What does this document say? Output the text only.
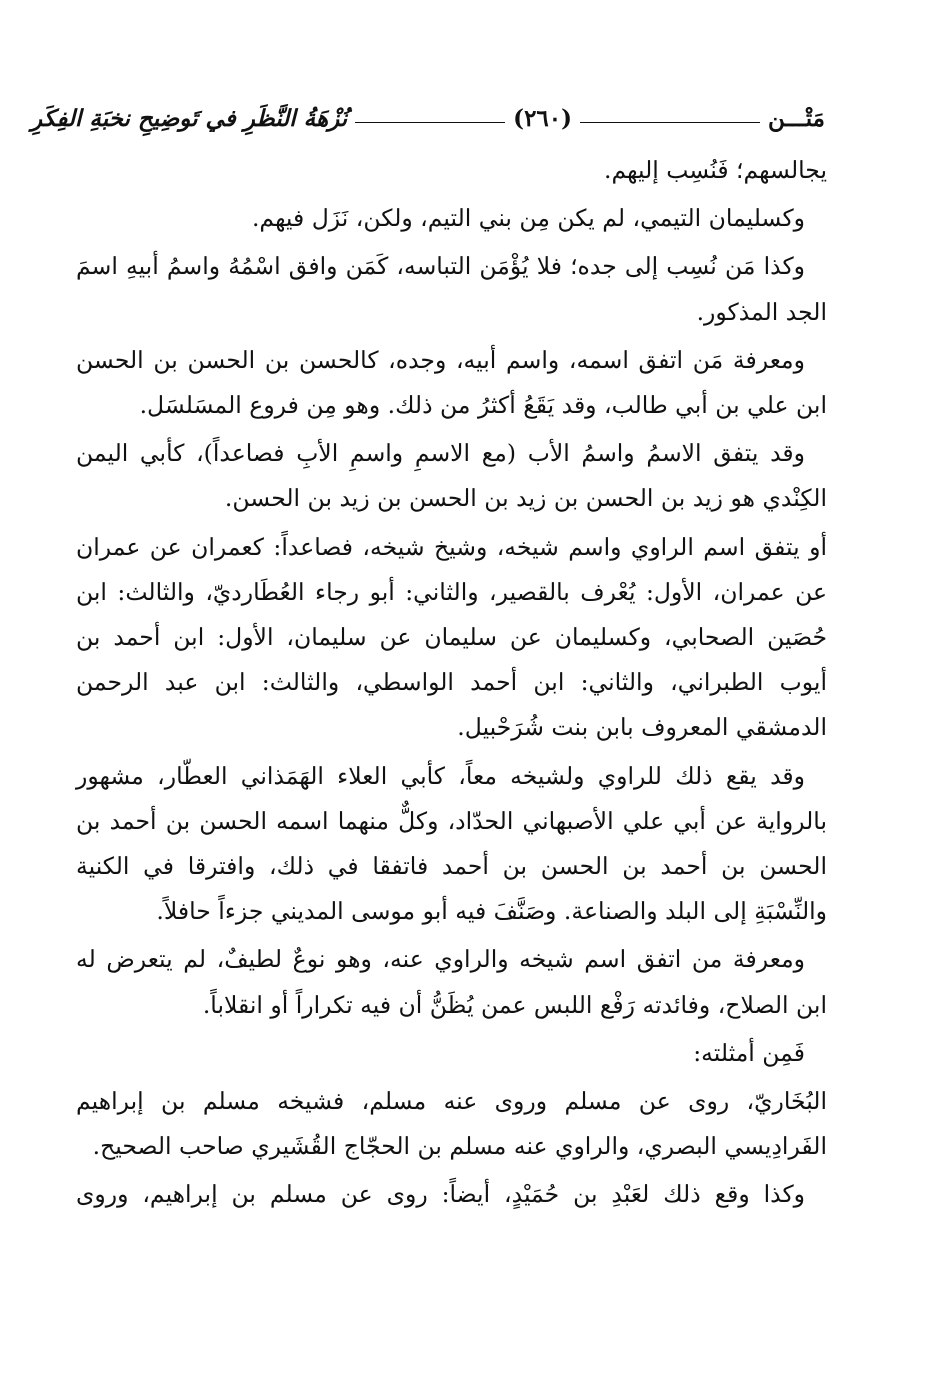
مَتْـــن
(٢٦٠)
نُزْهَةُ النَّظَرِ في تَوضِيحِ نخبَةِ الفِكَرِ

يجالسهم؛ فَنُسِب إليهم.

وكسليمان التيمي، لم يكن مِن بني التيم، ولكن، نَزَل فيهم.

وكذا مَن نُسِب إلى جده؛ فلا يُؤْمَن التباسه، كَمَن وافق اسْمُهُ واسمُ أبيهِ اسمَ الجد المذكور.

ومعرفة مَن اتفق اسمه، واسم أبيه، وجده، كالحسن بن الحسن بن الحسن ابن علي بن أبي طالب، وقد يَقَعُ أكثرُ من ذلك. وهو مِن فروع المسَلسَل.

وقد يتفق الاسمُ واسمُ الأب (مع الاسمِ واسمِ الأبِ فصاعداً)، كأبي اليمن الكِنْدي هو زيد بن الحسن بن زيد بن الحسن بن زيد بن الحسن.

أو يتفق اسم الراوي واسم شيخه، وشيخ شيخه، فصاعداً: كعمران عن عمران عن عمران، الأول: يُعْرف بالقصير، والثاني: أبو رجاء العُطَارديّ، والثالث: ابن حُصَين الصحابي، وكسليمان عن سليمان عن سليمان، الأول: ابن أحمد بن أيوب الطبراني، والثاني: ابن أحمد الواسطي، والثالث: ابن عبد الرحمن الدمشقي المعروف بابن بنت شُرَحْبيل.

وقد يقع ذلك للراوي ولشيخه معاً، كأبي العلاء الهَمَذاني العطّار، مشهور بالرواية عن أبي علي الأصبهاني الحدّاد، وكلٌّ منهما اسمه الحسن بن أحمد بن الحسن بن أحمد بن الحسن بن أحمد فاتفقا في ذلك، وافترقا في الكنية والنِّسْبَةِ إلى البلد والصناعة. وصَنَّفَ فيه أبو موسى المديني جزءاً حافلاً.

ومعرفة من اتفق اسم شيخه والراوي عنه، وهو نوعٌ لطيفٌ، لم يتعرض له ابن الصلاح، وفائدته رَفْع اللبس عمن يُظَنُّ أن فيه تكراراً أو انقلاباً.

فَمِن أمثلته:

البُخَاريّ، روى عن مسلم وروى عنه مسلم، فشيخه مسلم بن إبراهيم الفَرادِيسي البصري، والراوي عنه مسلم بن الحجّاج القُشَيري صاحب الصحيح.

وكذا وقع ذلك لعَبْدِ بن حُمَيْدٍ، أيضاً: روى عن مسلم بن إبراهيم، وروى
